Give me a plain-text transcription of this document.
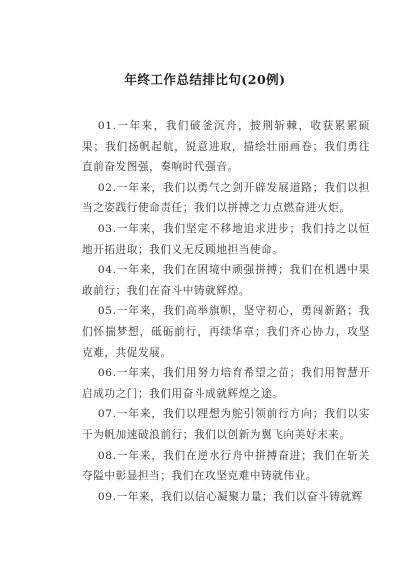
年终工作总结排比句(20例)

01.一年来，我们破釜沉舟，披荆斩棘，收获累累硕果；我们扬帆起航，锐意进取，描绘壮丽画卷；我们勇往直前奋发图强，奏响时代强音。

02.一年来，我们以勇气之剑开辟发展道路；我们以担当之姿践行使命责任；我们以拼搏之力点燃奋进火炬。

03.一年来，我们坚定不移地追求进步；我们持之以恒地开拓进取；我们义无反顾地担当使命。

04.一年来，我们在困境中顽强拼搏；我们在机遇中果敢前行；我们在奋斗中铸就辉煌。

05.一年来，我们高举旗帜，坚守初心，勇闯新路；我们怀揣梦想，砥砺前行，再续华章；我们齐心协力，攻坚克难，共促发展。

06.一年来，我们用努力培育希望之苗；我们用智慧开启成功之门；我们用奋斗成就辉煌之途。

07.一年来，我们以理想为舵引领前行方向；我们以实干为帆加速破浪前行；我们以创新为翼飞向美好未来。

08.一年来，我们在逆水行舟中拼搏奋进；我们在斩关夺隘中彰显担当；我们在攻坚克难中铸就伟业。

09.一年来，我们以信心凝聚力量；我们以奋斗铸就辉
